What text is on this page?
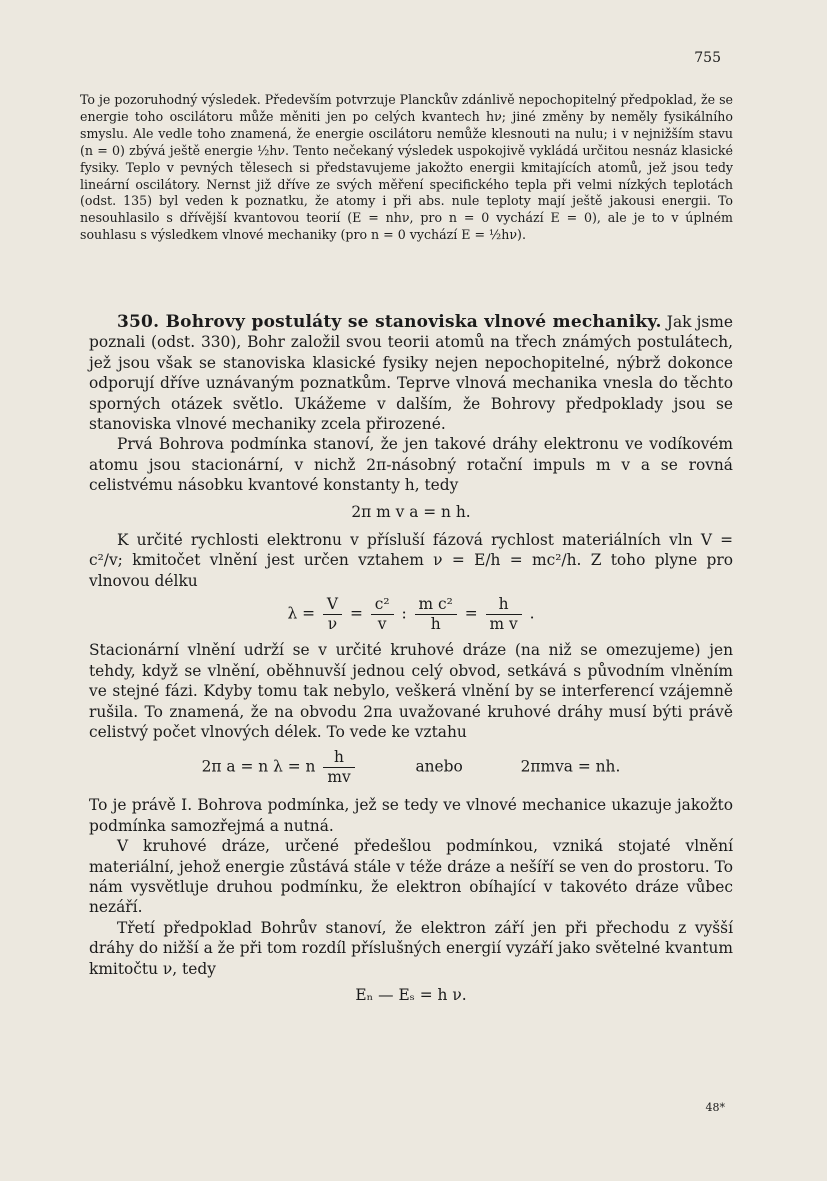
755

To je pozoruhodný výsledek. Především potvrzuje Planckův zdánlivě nepochopitelný předpoklad, že se energie toho oscilátoru může měniti jen po celých kvantech hν; jiné změny by neměly fysikálního smyslu. Ale vedle toho znamená, že energie oscilátoru nemůže klesnouti na nulu; i v nejnižším stavu (n = 0) zbývá ještě energie ½hν. Tento nečekaný výsledek uspokojivě vykládá určitou nesnáz klasické fysiky. Teplo v pevných tělesech si představujeme jakožto energii kmitajících atomů, jež jsou tedy lineární oscilátory. Nernst již dříve ze svých měření specifického tepla při velmi nízkých teplotách (odst. 135) byl veden k poznatku, že atomy i při abs. nule teploty mají ještě jakousi energii. To nesouhlasilo s dřívější kvantovou teorií (E = nhν, pro n = 0 vychází E = 0), ale je to v úplném souhlasu s výsledkem vlnové mechaniky (pro n = 0 vychází E = ½hν).

350. Bohrovy postuláty se stanoviska vlnové mechaniky. Jak jsme poznali (odst. 330), Bohr založil svou teorii atomů na třech známých postulátech, jež jsou však se stanoviska klasické fysiky nejen nepochopitelné, nýbrž dokonce odporují dříve uznávaným poznatkům. Teprve vlnová mechanika vnesla do těchto sporných otázek světlo. Ukážeme v dalším, že Bohrovy předpoklady jsou se stanoviska vlnové mechaniky zcela přirozené.

Prvá Bohrova podmínka stanoví, že jen takové dráhy elektronu ve vodíkovém atomu jsou stacionární, v nichž 2π-násobný rotační impuls m v a se rovná celistvému násobku kvantové konstanty h, tedy

2π m v a = n h.

K určité rychlosti elektronu v přísluší fázová rychlost materiálních vln V = c²/v; kmitočet vlnění jest určen vztahem ν = E/h = mc²/h. Z toho plyne pro vlnovou délku

$\lambda = \frac{V}{\nu} = \frac{\text{c²}}{v}$ : $\frac{\text{m c²}}{h} = \frac{h}{\text{m v}}$ .

Stacionární vlnění udrží se v určité kruhové dráze (na niž se omezujeme) jen tehdy, když se vlnění, oběhnuvší jednou celý obvod, setkává s původním vlněním ve stejné fázi. Kdyby tomu tak nebylo, veškerá vlnění by se interferencí vzájemně rušila. To znamená, že na obvodu 2πa uvažované kruhové dráhy musí býti právě celistvý počet vlnových délek. To vede ke vztahu

2π a = n λ = n $\frac{h}{mv}$	anebo	2πmva = nh.

To je právě I. Bohrova podmínka, jež se tedy ve vlnové mechanice ukazuje jakožto podmínka samozřejmá a nutná.

V kruhové dráze, určené předešlou podmínkou, vzniká stojaté vlnění materiální, jehož energie zůstává stále v téže dráze a nešíří se ven do prostoru. To nám vysvětluje druhou podmínku, že elektron obíhající v takovéto dráze vůbec nezáří.

Třetí předpoklad Bohrův stanoví, že elektron září jen při přechodu z vyšší dráhy do nižší a že při tom rozdíl příslušných energií vyzáří jako světelné kvantum kmitočtu ν, tedy

Eₙ — Eₛ = h ν.
48*
